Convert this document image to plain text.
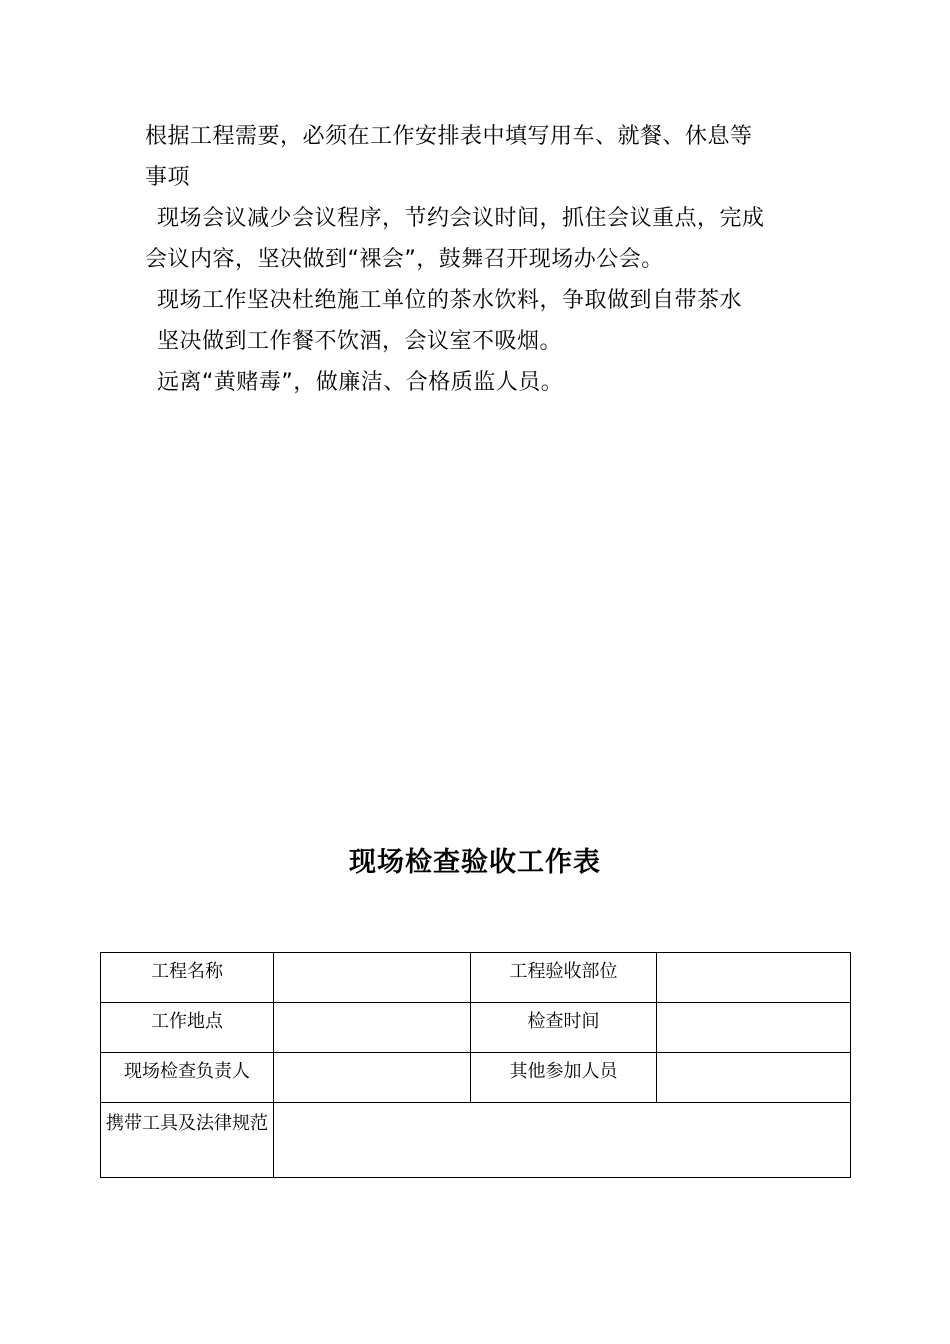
根据工程需要，必须在工作安排表中填写用车、就餐、休息等
事项
现场会议减少会议程序，节约会议时间，抓住会议重点，完成
会议内容，坚决做到“裸会”，鼓舞召开现场办公会。
现场工作坚决杜绝施工单位的茶水饮料，争取做到自带茶水
坚决做到工作餐不饮酒，会议室不吸烟。
远离“黄赌毒”，做廉洁、合格质监人员。
现场检查验收工作表
工程名称		工程验收部位	
工作地点		检查时间	
现场检查负责人		其他参加人员	
携带工具及法律规范			
